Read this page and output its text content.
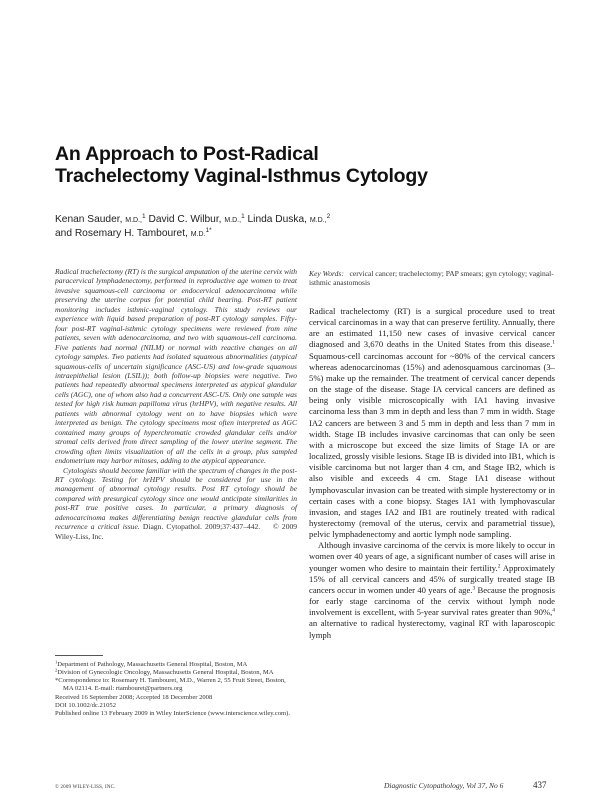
An Approach to Post-Radical Trachelectomy Vaginal-Isthmus Cytology
Kenan Sauder, M.D.,$^1$ David C. Wilbur, M.D.,$^1$ Linda Duska, M.D.,$^2$
and Rosemary H. Tambouret, M.D.$^{1*}$

Radical trachelectomy (RT) is the surgical amputation of the uterine cervix with paracervical lymphadenectomy, performed in reproductive age women to treat invasive squamous-cell carcinoma or endocervical adenocarcinoma while preserving the uterine corpus for potential child bearing. Post-RT patient monitoring includes isthmic-vaginal cytology. This study reviews our experience with liquid based preparation of post-RT cytology samples. Fifty-four post-RT vaginal-isthmic cytology specimens were reviewed from nine patients, seven with adenocarcinoma, and two with squamous-cell carcinoma. Five patients had normal (NILM) or normal with reactive changes on all cytology samples. Two patients had isolated squamous abnormalities (atypical squamous-cells of uncertain significance (ASC-US) and low-grade squamous intraepithelial lesion (LSIL)); both follow-up biopsies were negative. Two patients had repeatedly abnormal specimens interpreted as atypical glandular cells (AGC), one of whom also had a concurrent ASC-US. Only one sample was tested for high risk human papilloma virus (hrHPV), with negative results. All patients with abnormal cytology went on to have biopsies which were interpreted as benign. The cytology specimens most often interpreted as AGC contained many groups of hyperchromatic crowded glandular cells and/or stromal cells derived from direct sampling of the lower uterine segment. The crowding often limits visualization of all the cells in a group, plus sampled endometrium may harbor mitoses, adding to the atypical appearance.

Cytologists should become familiar with the spectrum of changes in the post-RT cytology. Testing for hrHPV should be considered for use in the management of abnormal cytology results. Post RT cytology should be compared with presurgical cytology since one would anticipate similarities in post-RT true positive cases. In particular, a primary diagnosis of adenocarcinoma makes differentiating benign reactive glandular cells from recurrence a critical issue. Diagn. Cytopathol. 2009;37:437–442. © 2009 Wiley-Liss, Inc.

Key Words: cervical cancer; trachelectomy; PAP smears; gyn cytology; vaginal-isthmic anastomosis

Radical trachelectomy (RT) is a surgical procedure used to treat cervical carcinomas in a way that can preserve fertility. Annually, there are an estimated 11,150 new cases of invasive cervical cancer diagnosed and 3,670 deaths in the United States from this disease.$^1$ Squamous-cell carcinomas account for ~80% of the cervical cancers whereas adenocarcinomas (15%) and adenosquamous carcinomas (3–5%) make up the remainder. The treatment of cervical cancer depends on the stage of the disease. Stage IA cervical cancers are defined as being only visible microscopically with IA1 having invasive carcinoma less than 3 mm in depth and less than 7 mm in width. Stage IA2 cancers are between 3 and 5 mm in depth and less than 7 mm in width. Stage IB includes invasive carcinomas that can only be seen with a microscope but exceed the size limits of Stage IA or are localized, grossly visible lesions. Stage IB is divided into IB1, which is visible carcinoma but not larger than 4 cm, and Stage IB2, which is also visible and exceeds 4 cm. Stage IA1 disease without lymphovascular invasion can be treated with simple hysterectomy or in certain cases with a cone biopsy. Stages IA1 with lymphovascular invasion, and stages IA2 and IB1 are routinely treated with radical hysterectomy (removal of the uterus, cervix and parametrial tissue), pelvic lymphadenectomy and aortic lymph node sampling.

Although invasive carcinoma of the cervix is more likely to occur in women over 40 years of age, a significant number of cases will arise in younger women who desire to maintain their fertility.$^2$ Approximately 15% of all cervical cancers and 45% of surgically treated stage IB cancers occur in women under 40 years of age.$^3$ Because the prognosis for early stage carcinoma of the cervix without lymph node involvement is excellent, with 5-year survival rates greater than 90%,$^4$ an alternative to radical hysterectomy, vaginal RT with laparoscopic lymph

$^1$Department of Pathology, Massachusetts General Hospital, Boston, MA

$^2$Division of Gynecologic Oncology, Massachusetts General Hospital, Boston, MA

*Correspondence to: Rosemary H. Tambouret, M.D., Warren 2, 55 Fruit Street, Boston, MA 02114. E-mail: rtambouret@partners.org

Received 16 September 2008; Accepted 18 December 2008

DOI 10.1002/dc.21052

Published online 13 February 2009 in Wiley InterScience (www.interscience.wiley.com).

© 2009 WILEY-LISS, INC.	Diagnostic Cytopathology, Vol 37, No 6	437
